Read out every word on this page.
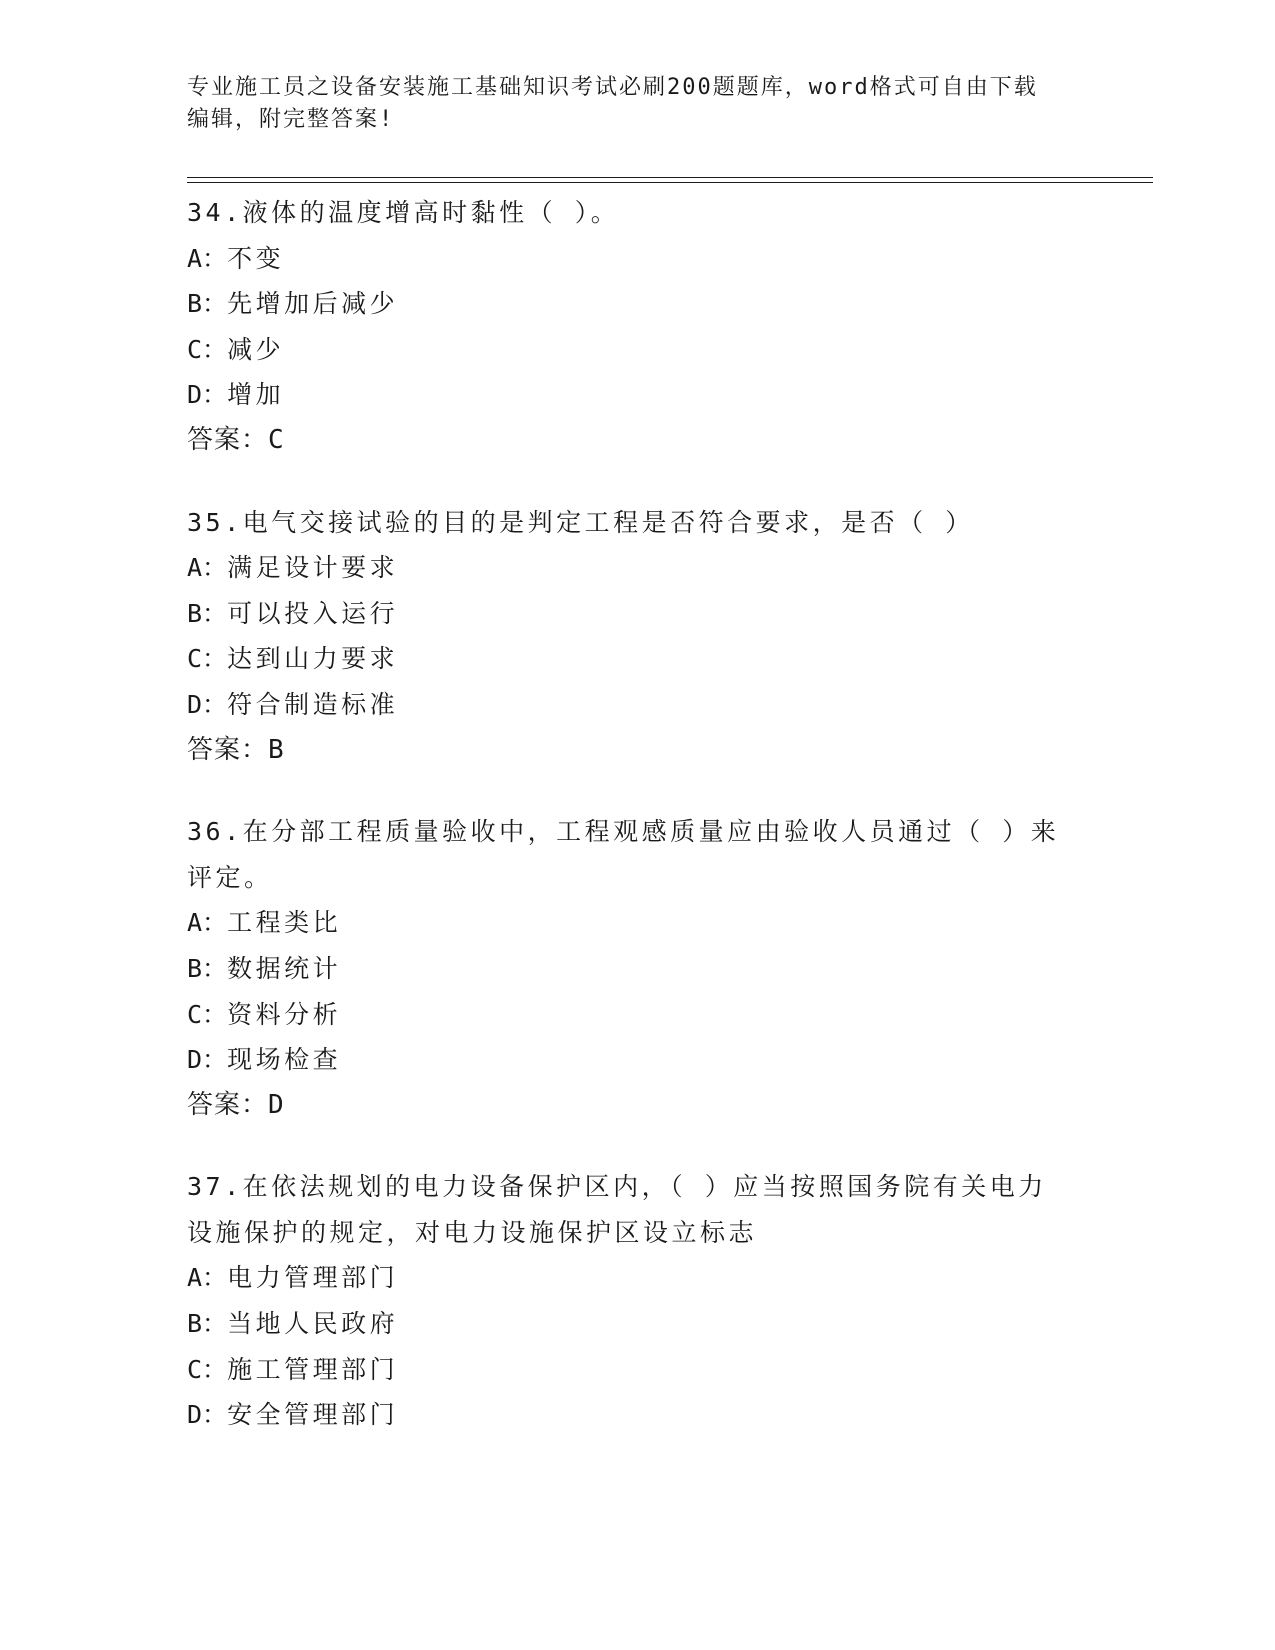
专业施工员之设备安装施工基础知识考试必刷200题题库，word格式可自由下载
编辑，附完整答案!
34.液体的温度增高时黏性（ ）。
A：不变
B：先增加后减少
C：减少
D：增加
答案：C
35.电气交接试验的目的是判定工程是否符合要求，是否（ ）
A：满足设计要求
B：可以投入运行
C：达到山力要求
D：符合制造标准
答案：B
36.在分部工程质量验收中，工程观感质量应由验收人员通过（ ）来
评定。
A：工程类比
B：数据统计
C：资料分析
D：现场检查
答案：D
37.在依法规划的电力设备保护区内，（ ）应当按照国务院有关电力
设施保护的规定，对电力设施保护区设立标志
A：电力管理部门
B：当地人民政府
C：施工管理部门
D：安全管理部门
